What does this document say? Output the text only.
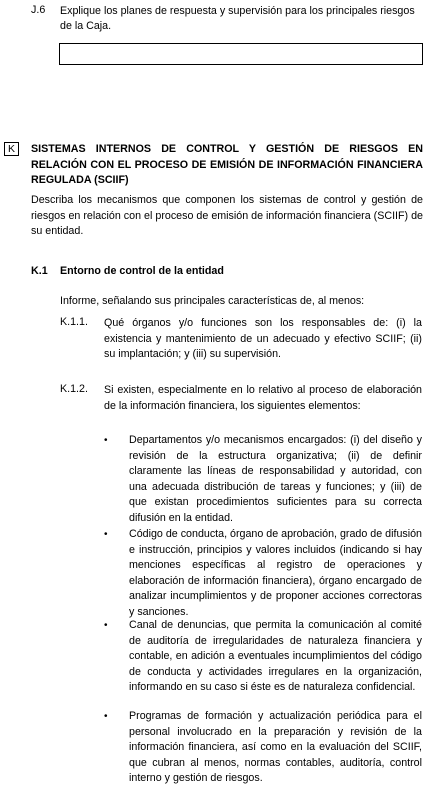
J.6 Explique los planes de respuesta y supervisión para los principales riesgos de la Caja.
K	SISTEMAS INTERNOS DE CONTROL Y GESTIÓN DE RIESGOS EN RELACIÓN CON EL PROCESO DE EMISIÓN DE INFORMACIÓN FINANCIERA REGULADA (SCIIF)
Describa los mecanismos que componen los sistemas de control y gestión de riesgos en relación con el proceso de emisión de información financiera (SCIIF) de su entidad.
K.1 Entorno de control de la entidad
Informe, señalando sus principales características de, al menos:
K.1.1. Qué órganos y/o funciones son los responsables de: (i) la existencia y mantenimiento de un adecuado y efectivo SCIIF; (ii) su implantación; y (iii) su supervisión.
K.1.2. Si existen, especialmente en lo relativo al proceso de elaboración de la información financiera, los siguientes elementos:
• Departamentos y/o mecanismos encargados: (i) del diseño y revisión de la estructura organizativa; (ii) de definir claramente las líneas de responsabilidad y autoridad, con una adecuada distribución de tareas y funciones; y (iii) de que existan procedimientos suficientes para su correcta difusión en la entidad.
• Código de conducta, órgano de aprobación, grado de difusión e instrucción, principios y valores incluidos (indicando si hay menciones específicas al registro de operaciones y elaboración de información financiera), órgano encargado de analizar incumplimientos y de proponer acciones correctoras y sanciones.
• Canal de denuncias, que permita la comunicación al comité de auditoría de irregularidades de naturaleza financiera y contable, en adición a eventuales incumplimientos del código de conducta y actividades irregulares en la organización, informando en su caso si éste es de naturaleza confidencial.
• Programas de formación y actualización periódica para el personal involucrado en la preparación y revisión de la información financiera, así como en la evaluación del SCIIF, que cubran al menos, normas contables, auditoría, control interno y gestión de riesgos.
